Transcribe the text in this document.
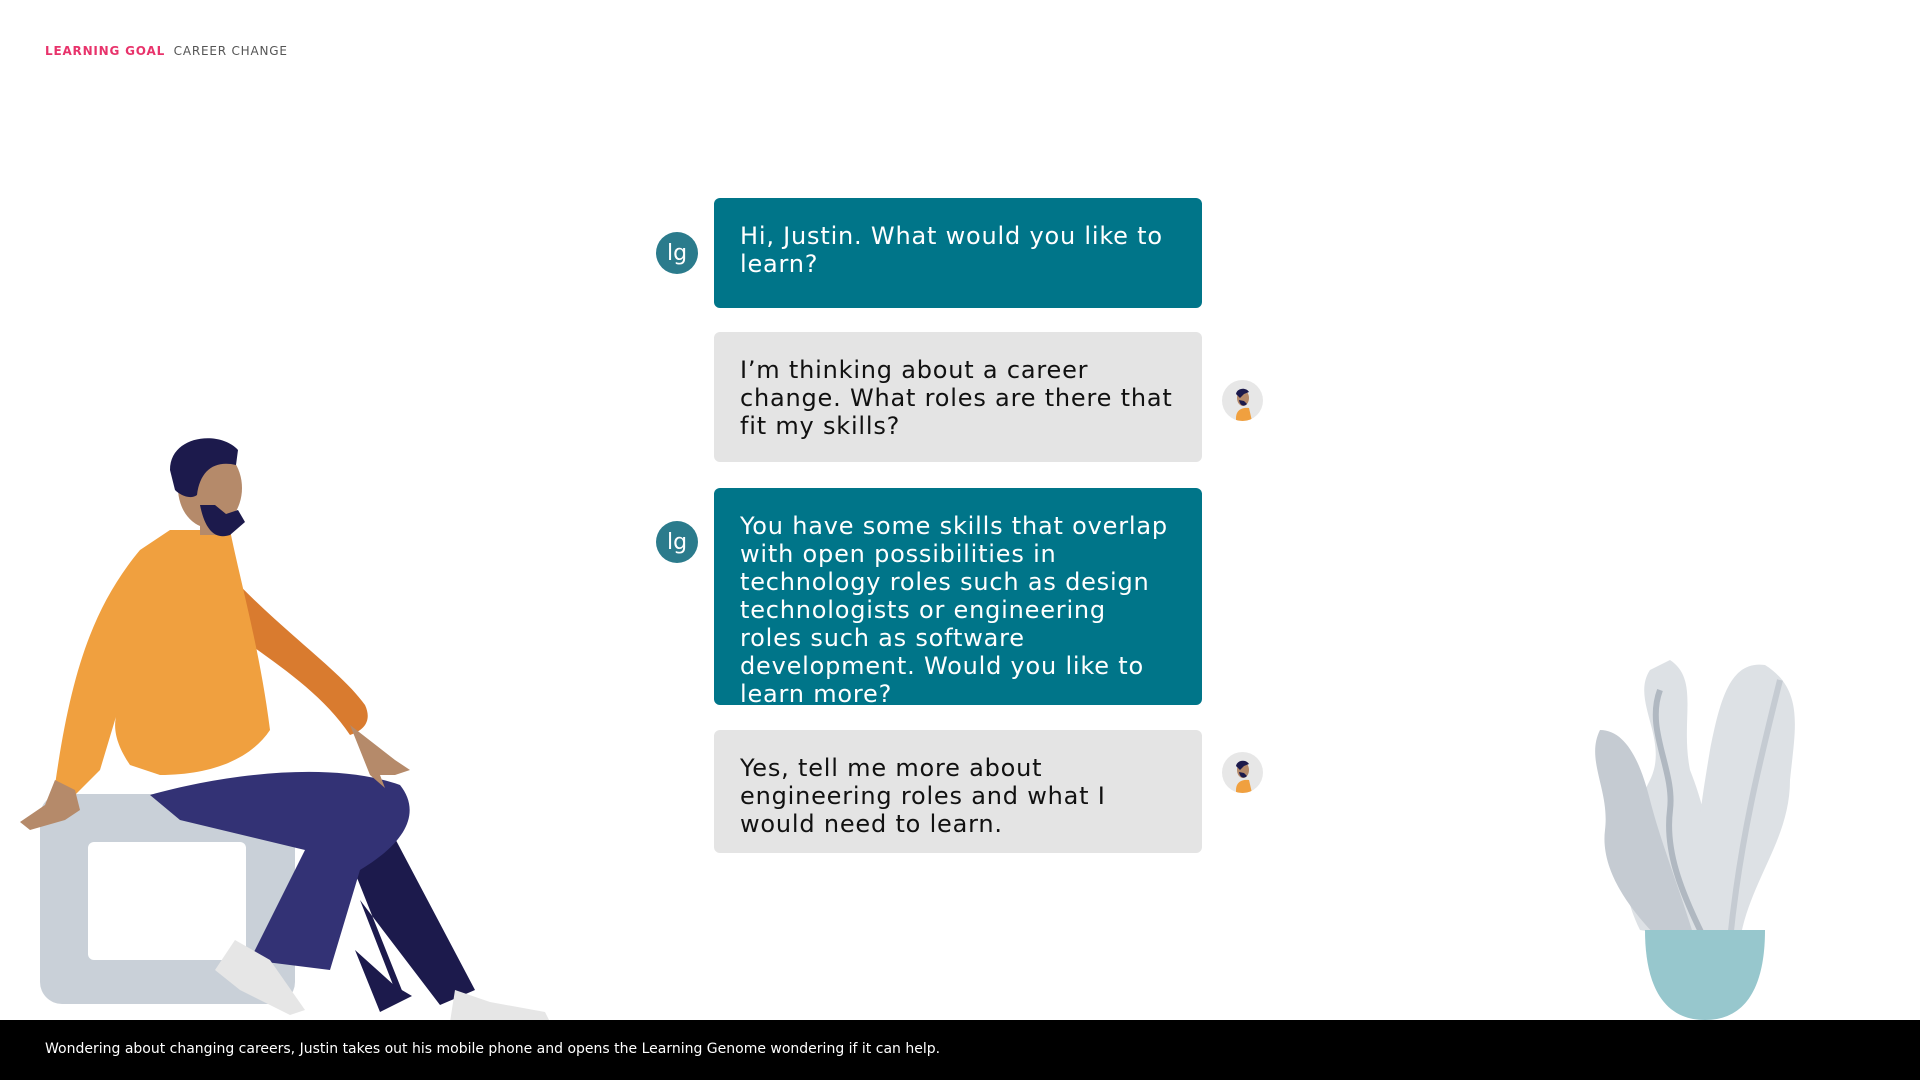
LEARNING GOAL CAREER CHANGE
lg
Hi, Justin. What would you like to learn?
I’m thinking about a career change. What roles are there that fit my skills?
lg
You have some skills that overlap with open possibilities in technology roles such as design technologists or engineering roles such as software development. Would you like to learn more?
Yes, tell me more about engineering roles and what I would need to learn.
Wondering about changing careers, Justin takes out his mobile phone and opens the Learning Genome wondering if it can help.
